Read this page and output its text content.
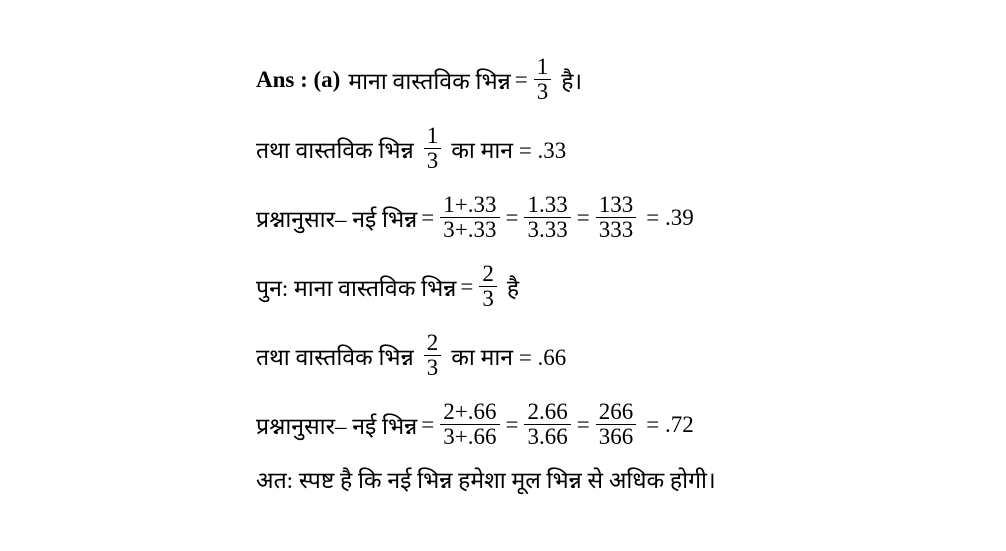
Ans : (a) माना वास्तविक भिन्न = $\frac{1}{3}$ है।
तथा वास्तविक भिन्न $\frac{1}{3}$ का मान = .33
प्रश्नानुसार– नई भिन्न = $\frac{1+.33}{3+.33} = \frac{1.33}{3.33} = \frac{133}{333} = .39$
पुन: माना वास्तविक भिन्न = $\frac{2}{3}$ है
तथा वास्तविक भिन्न $\frac{2}{3}$ का मान = .66
प्रश्नानुसार– नई भिन्न = $\frac{2+.66}{3+.66} = \frac{2.66}{3.66} = \frac{266}{366} = .72$
अत: स्पष्ट है कि नई भिन्न हमेशा मूल भिन्न से अधिक होगी।
